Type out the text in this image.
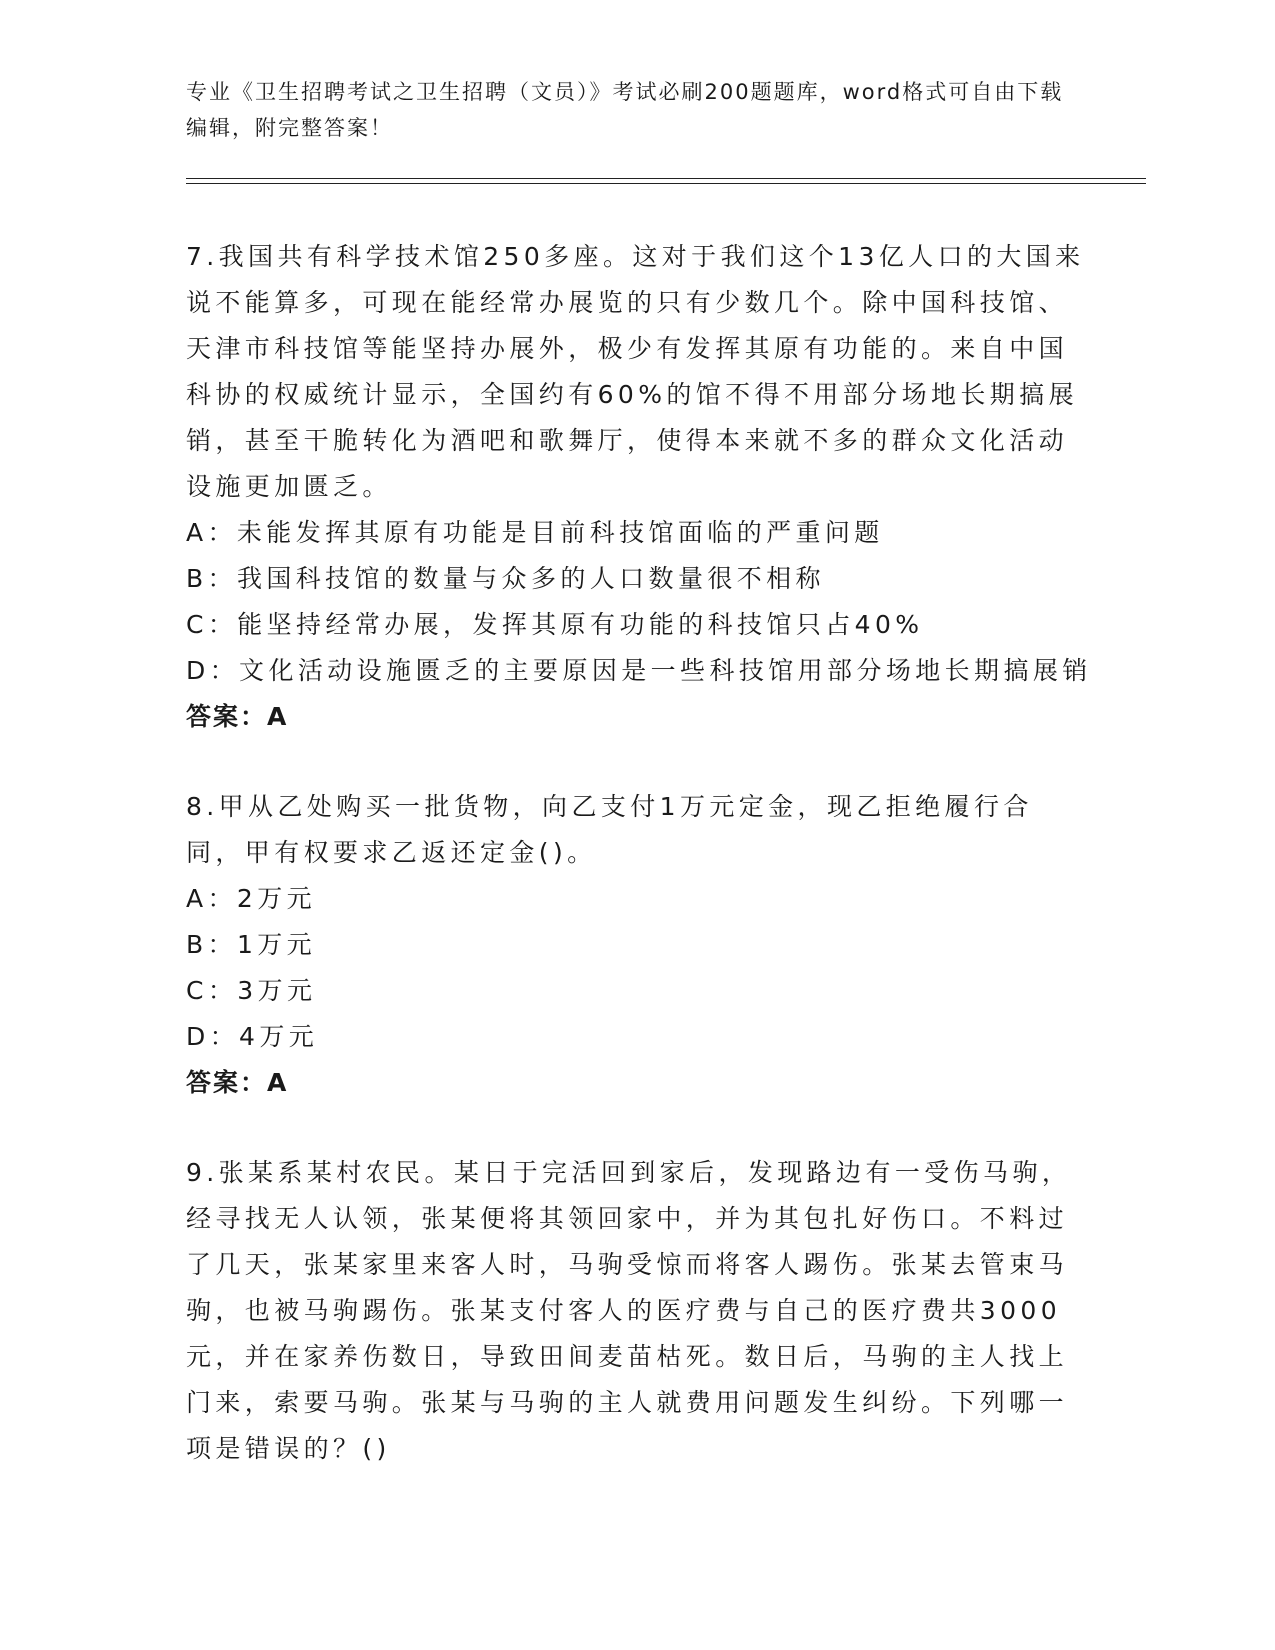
专业《卫生招聘考试之卫生招聘（文员）》考试必刷200题题库，word格式可自由下载编辑，附完整答案！

7.我国共有科学技术馆250多座。这对于我们这个13亿人口的大国来说不能算多，可现在能经常办展览的只有少数几个。除中国科技馆、天津市科技馆等能坚持办展外，极少有发挥其原有功能的。来自中国科协的权威统计显示，全国约有60%的馆不得不用部分场地长期搞展销，甚至干脆转化为酒吧和歌舞厅，使得本来就不多的群众文化活动设施更加匮乏。

A：未能发挥其原有功能是目前科技馆面临的严重问题

B：我国科技馆的数量与众多的人口数量很不相称

C：能坚持经常办展，发挥其原有功能的科技馆只占40%

D：文化活动设施匮乏的主要原因是一些科技馆用部分场地长期搞展销

答案：A

8.甲从乙处购买一批货物，向乙支付1万元定金，现乙拒绝履行合同，甲有权要求乙返还定金()。

A：2万元

B：1万元

C：3万元

D：4万元

答案：A

9.张某系某村农民。某日于完活回到家后，发现路边有一受伤马驹，经寻找无人认领，张某便将其领回家中，并为其包扎好伤口。不料过了几天，张某家里来客人时，马驹受惊而将客人踢伤。张某去管束马驹，也被马驹踢伤。张某支付客人的医疗费与自己的医疗费共3000元，并在家养伤数日，导致田间麦苗枯死。数日后，马驹的主人找上门来，索要马驹。张某与马驹的主人就费用问题发生纠纷。下列哪一项是错误的？()
